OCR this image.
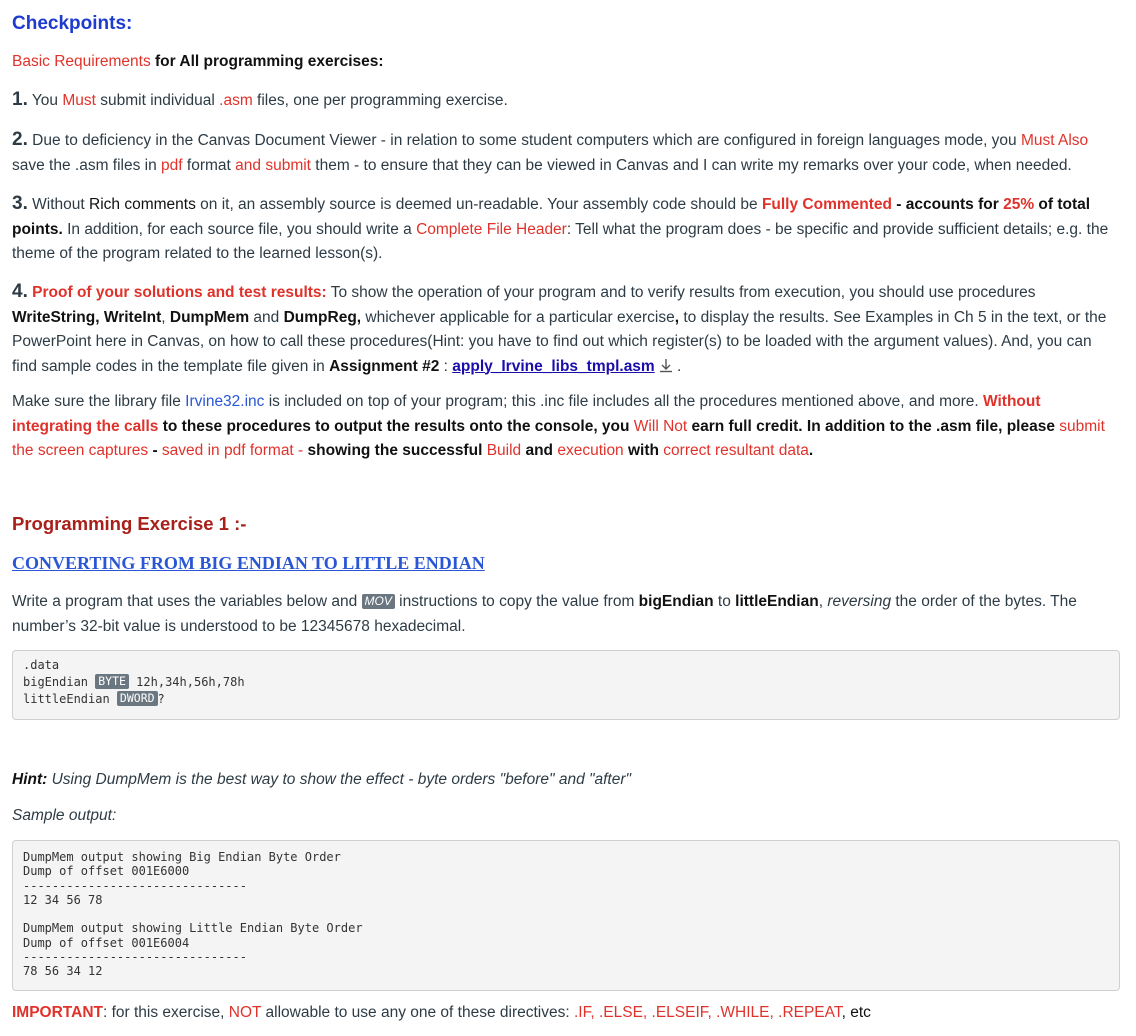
Checkpoints:
Basic Requirements for All programming exercises:
1. You Must submit individual .asm files, one per programming exercise.
2. Due to deficiency in the Canvas Document Viewer - in relation to some student computers which are configured in foreign languages mode, you Must Also save the .asm files in pdf format and submit them - to ensure that they can be viewed in Canvas and I can write my remarks over your code, when needed.
3. Without Rich comments on it, an assembly source is deemed un-readable. Your assembly code should be Fully Commented - accounts for 25% of total points. In addition, for each source file, you should write a Complete File Header: Tell what the program does - be specific and provide sufficient details; e.g. the theme of the program related to the learned lesson(s).
4. Proof of your solutions and test results: To show the operation of your program and to verify results from execution, you should use procedures WriteString, WriteInt, DumpMem and DumpReg, whichever applicable for a particular exercise, to display the results. See Examples in Ch 5 in the text, or the PowerPoint here in Canvas, on how to call these procedures(Hint: you have to find out which register(s) to be loaded with the argument values). And, you can find sample codes in the template file given in Assignment #2 : apply_Irvine_libs_tmpl.asm .
Make sure the library file Irvine32.inc is included on top of your program; this .inc file includes all the procedures mentioned above, and more. Without integrating the calls to these procedures to output the results onto the console, you Will Not earn full credit. In addition to the .asm file, please submit the screen captures - saved in pdf format - showing the successful Build and execution with correct resultant data.
Programming Exercise 1 :-
CONVERTING FROM BIG ENDIAN TO LITTLE ENDIAN
Write a program that uses the variables below and MOV instructions to copy the value from bigEndian to littleEndian, reversing the order of the bytes. The number’s 32-bit value is understood to be 12345678 hexadecimal.
.data
bigEndian BYTE 12h,34h,56h,78h
littleEndian DWORD ?
Hint: Using DumpMem is the best way to show the effect - byte orders "before" and "after"
Sample output:
DumpMem output showing Big Endian Byte Order
Dump of offset 001E6000
-------------------------------
12 34 56 78
DumpMem output showing Little Endian Byte Order
Dump of offset 001E6004
-------------------------------
78 56 34 12
IMPORTANT: for this exercise, NOT allowable to use any one of these directives: .IF, .ELSE, .ELSEIF, .WHILE, .REPEAT, etc
